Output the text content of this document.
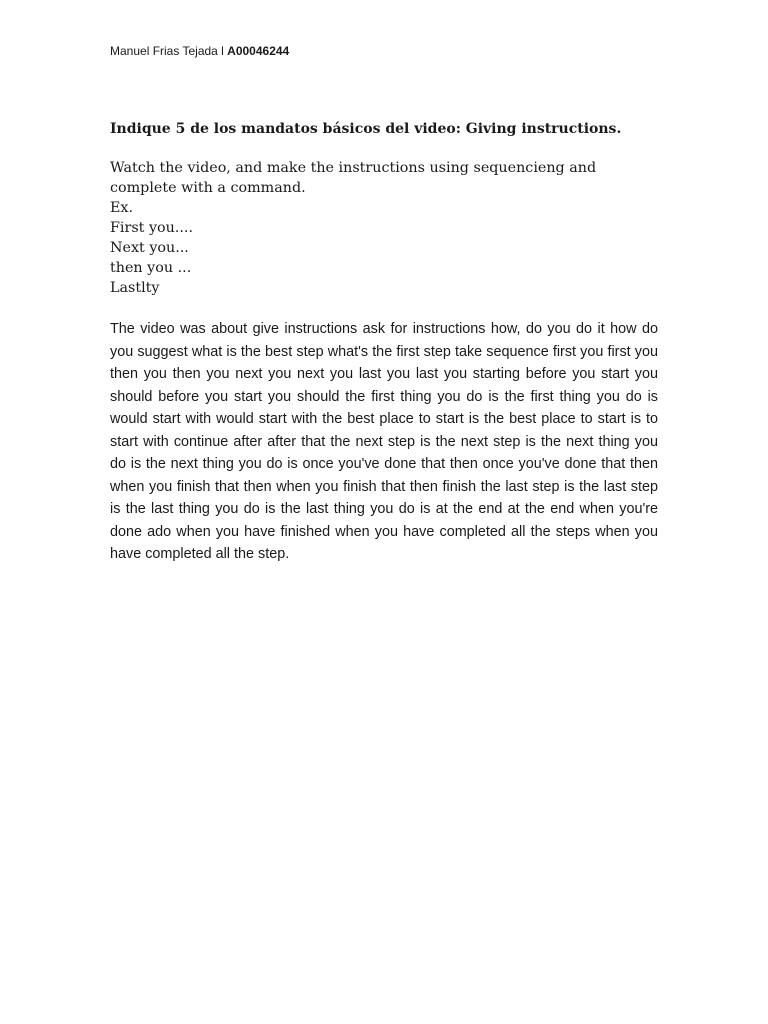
Manuel Frias Tejada l A00046244
Indique 5 de los mandatos básicos del video: Giving instructions.
Watch the video, and make the instructions using sequencieng and
complete with a command.
Ex.
First you....
Next you...
then you ...
Lastlty

The video was about give instructions ask for instructions how, do you do it how do you suggest what is the best step what's the first step take sequence first you first you then you then you next you next you last you last you starting before you start you should before you start you should the first thing you do is the first thing you do is would start with would start with the best place to start is the best place to start is to start with continue after after that the next step is the next step is the next thing you do is the next thing you do is once you've done that then once you've done that then when you finish that then when you finish that then finish the last step is the last step is the last thing you do is the last thing you do is at the end at the end when you're done ado when you have finished when you have completed all the steps when you have completed all the step.
